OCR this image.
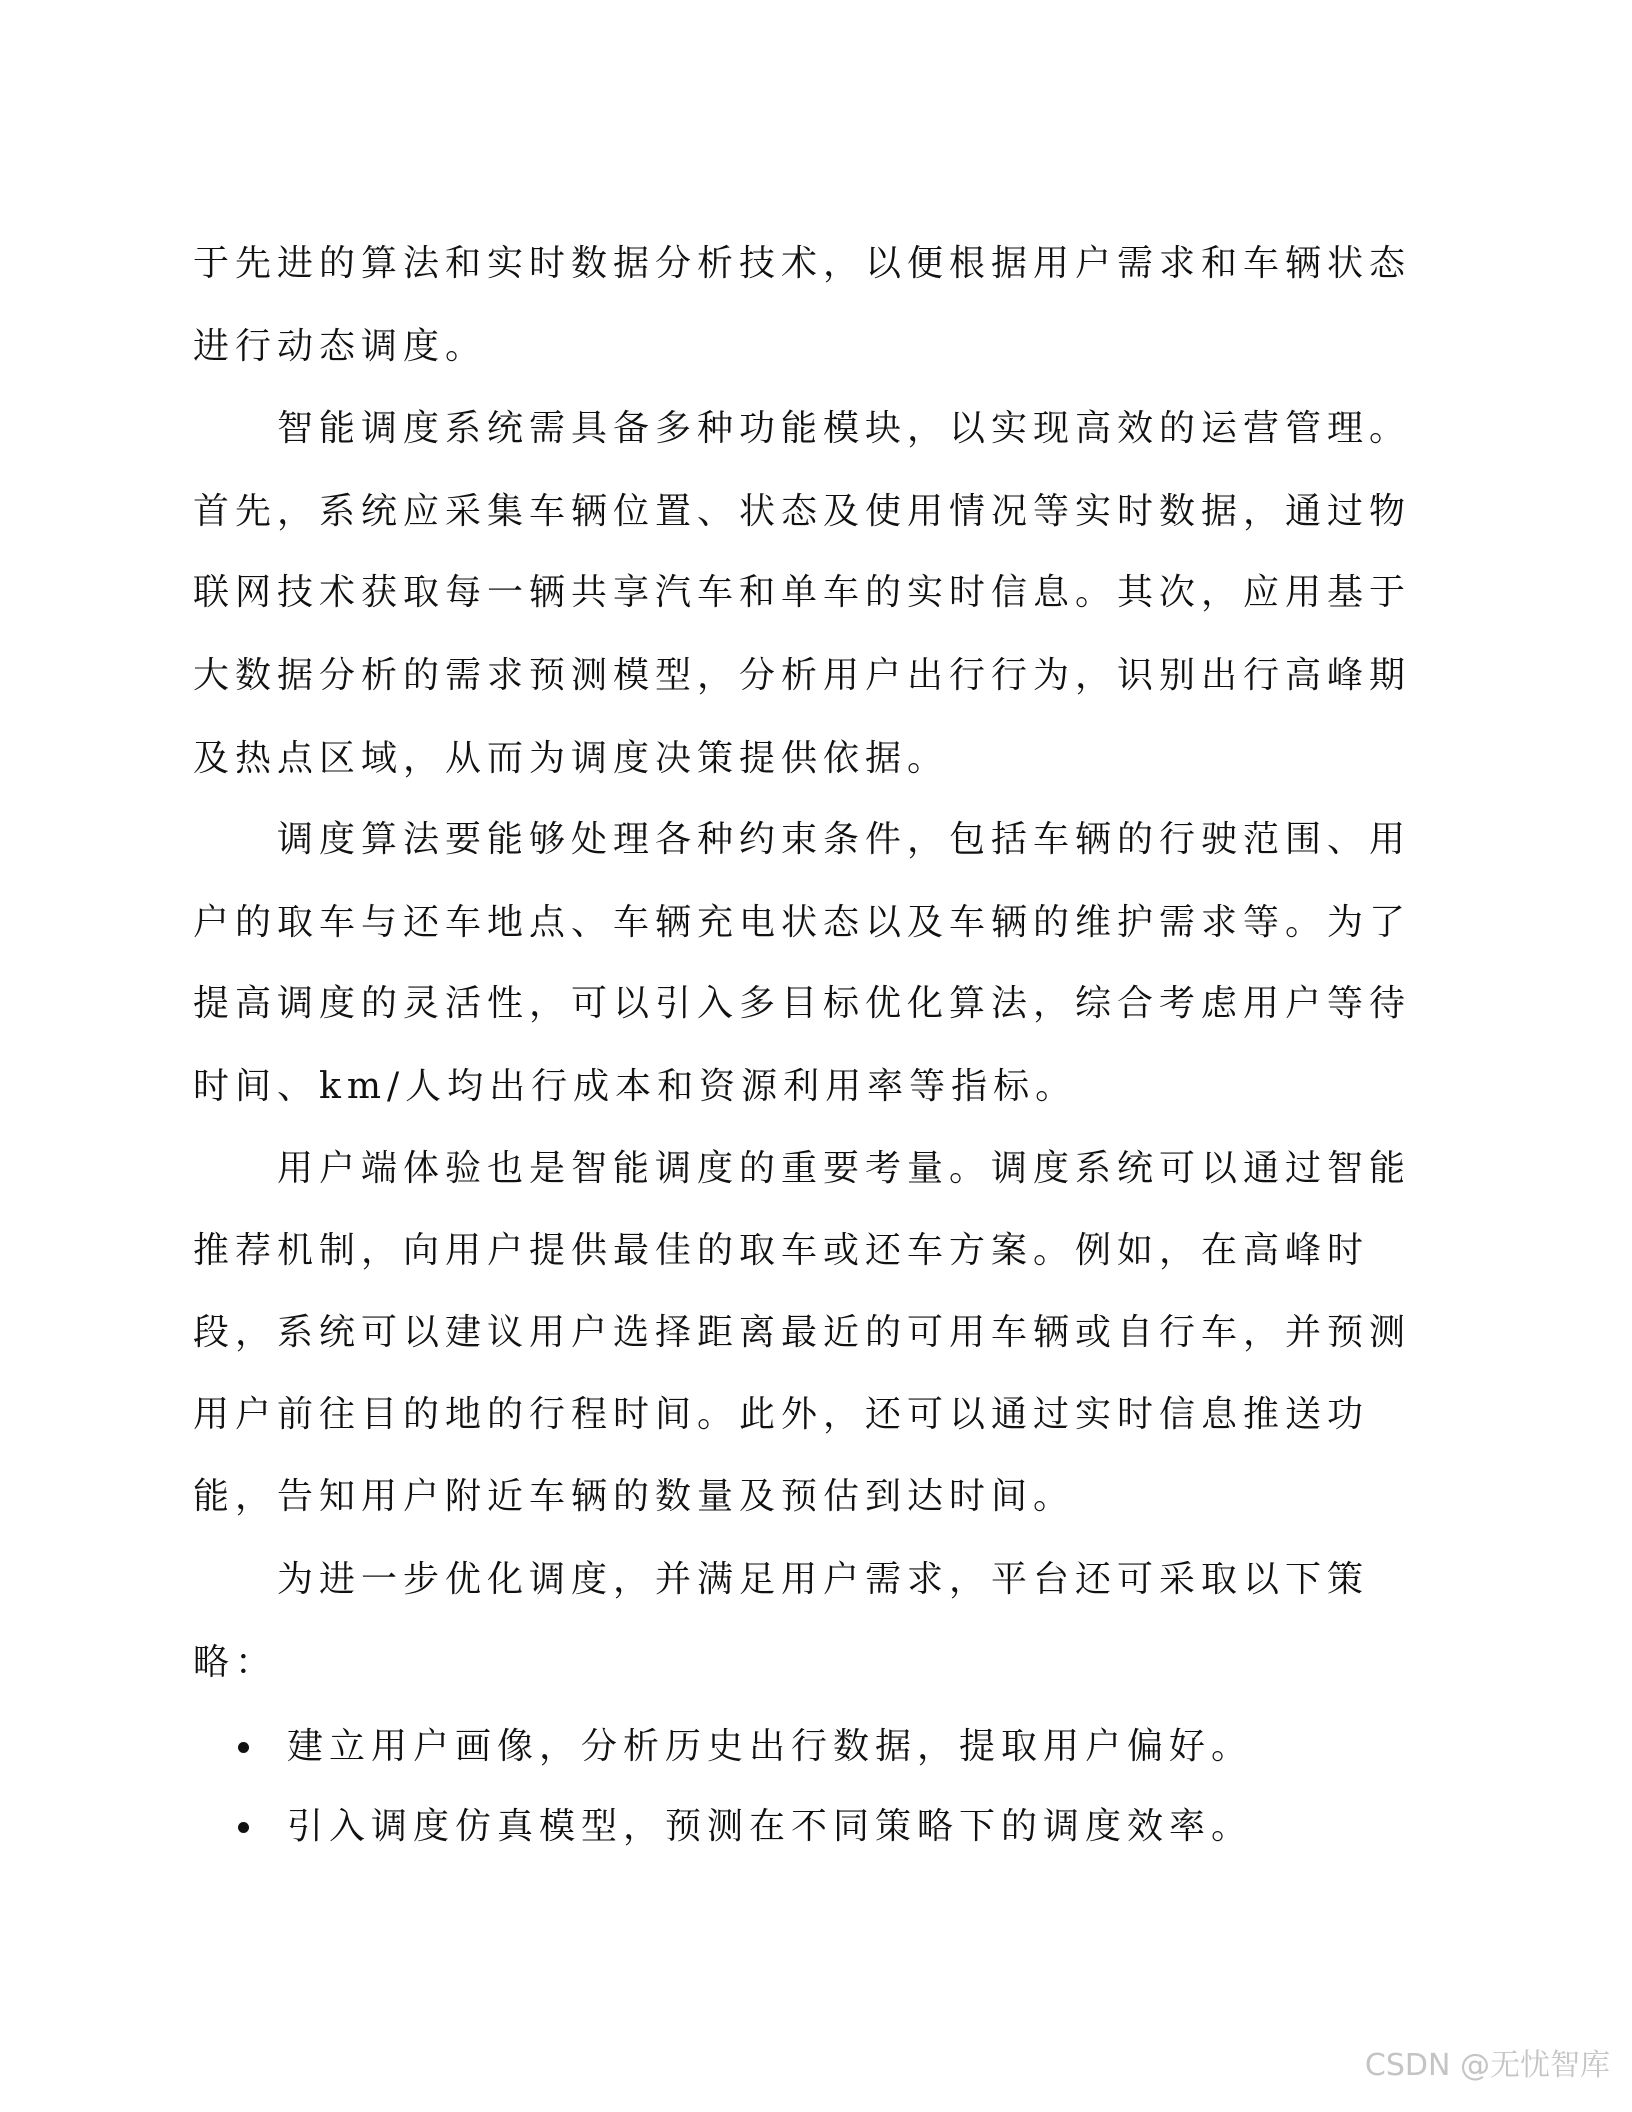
于先进的算法和实时数据分析技术，以便根据用户需求和车辆状态
进行动态调度。
智能调度系统需具备多种功能模块，以实现高效的运营管理。
首先，系统应采集车辆位置、状态及使用情况等实时数据，通过物
联网技术获取每一辆共享汽车和单车的实时信息。其次，应用基于
大数据分析的需求预测模型，分析用户出行行为，识别出行高峰期
及热点区域，从而为调度决策提供依据。
调度算法要能够处理各种约束条件，包括车辆的行驶范围、用
户的取车与还车地点、车辆充电状态以及车辆的维护需求等。为了
提高调度的灵活性，可以引入多目标优化算法，综合考虑用户等待
时间、km/人均出行成本和资源利用率等指标。
用户端体验也是智能调度的重要考量。调度系统可以通过智能
推荐机制，向用户提供最佳的取车或还车方案。例如，在高峰时
段，系统可以建议用户选择距离最近的可用车辆或自行车，并预测
用户前往目的地的行程时间。此外，还可以通过实时信息推送功
能，告知用户附近车辆的数量及预估到达时间。
为进一步优化调度，并满足用户需求，平台还可采取以下策
略：
建立用户画像，分析历史出行数据，提取用户偏好。
引入调度仿真模型，预测在不同策略下的调度效率。
CSDN @无忧智库
